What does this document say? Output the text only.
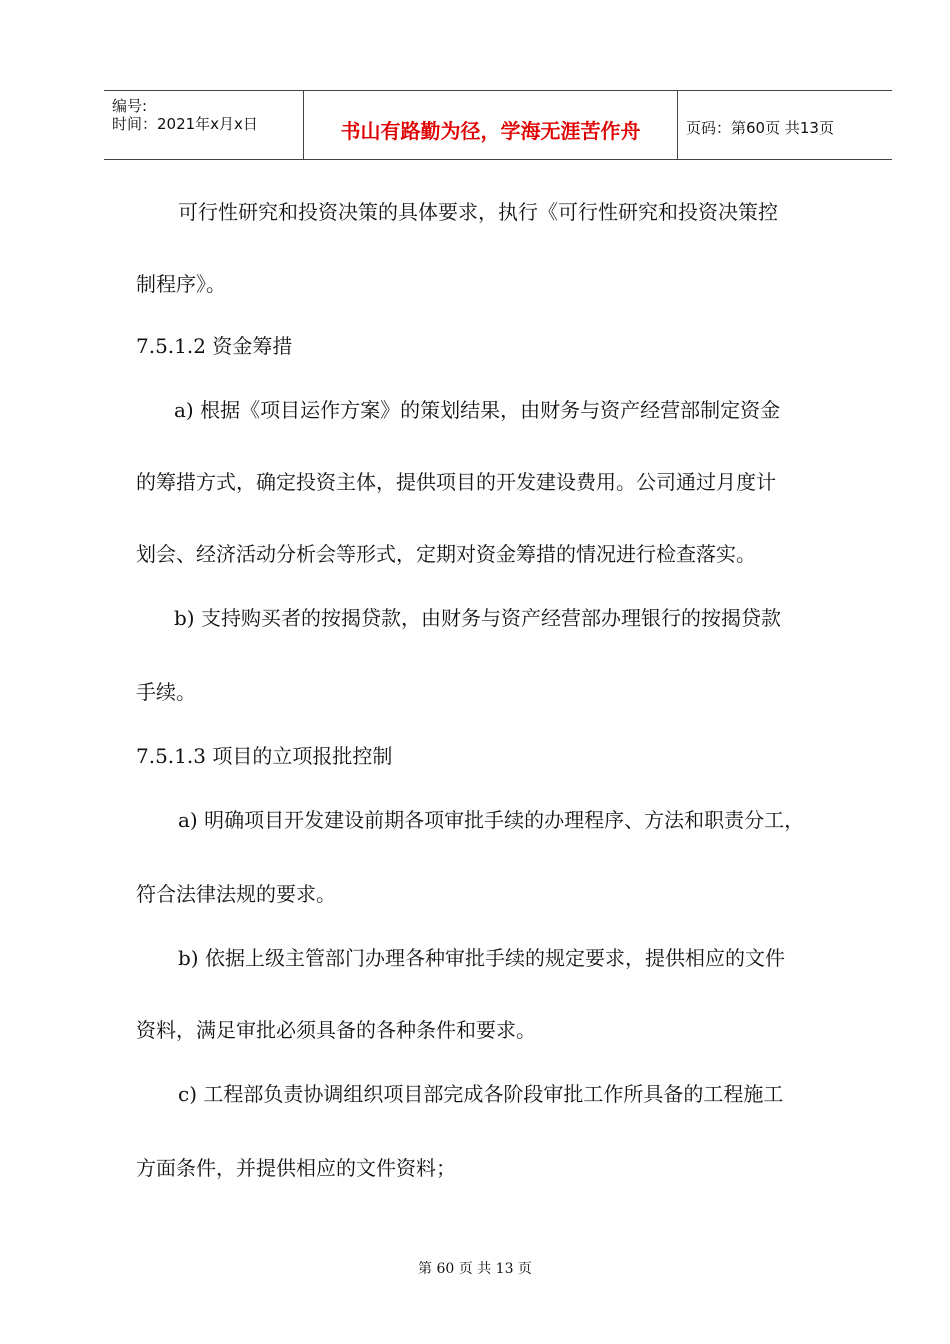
编号:
时间：2021年x月x日	书山有路勤为径，学海无涯苦作舟	页码：第60页 共13页
可行性研究和投资决策的具体要求，执行《可行性研究和投资决策控
制程序》。
7.5.1.2 资金筹措
a) 根据《项目运作方案》的策划结果，由财务与资产经营部制定资金
的筹措方式，确定投资主体，提供项目的开发建设费用。公司通过月度计
划会、经济活动分析会等形式，定期对资金筹措的情况进行检查落实。
b) 支持购买者的按揭贷款，由财务与资产经营部办理银行的按揭贷款
手续。
7.5.1.3 项目的立项报批控制
a) 明确项目开发建设前期各项审批手续的办理程序、方法和职责分工，
符合法律法规的要求。
b) 依据上级主管部门办理各种审批手续的规定要求，提供相应的文件
资料，满足审批必须具备的各种条件和要求。
c) 工程部负责协调组织项目部完成各阶段审批工作所具备的工程施工
方面条件，并提供相应的文件资料；
第 60 页 共 13 页
